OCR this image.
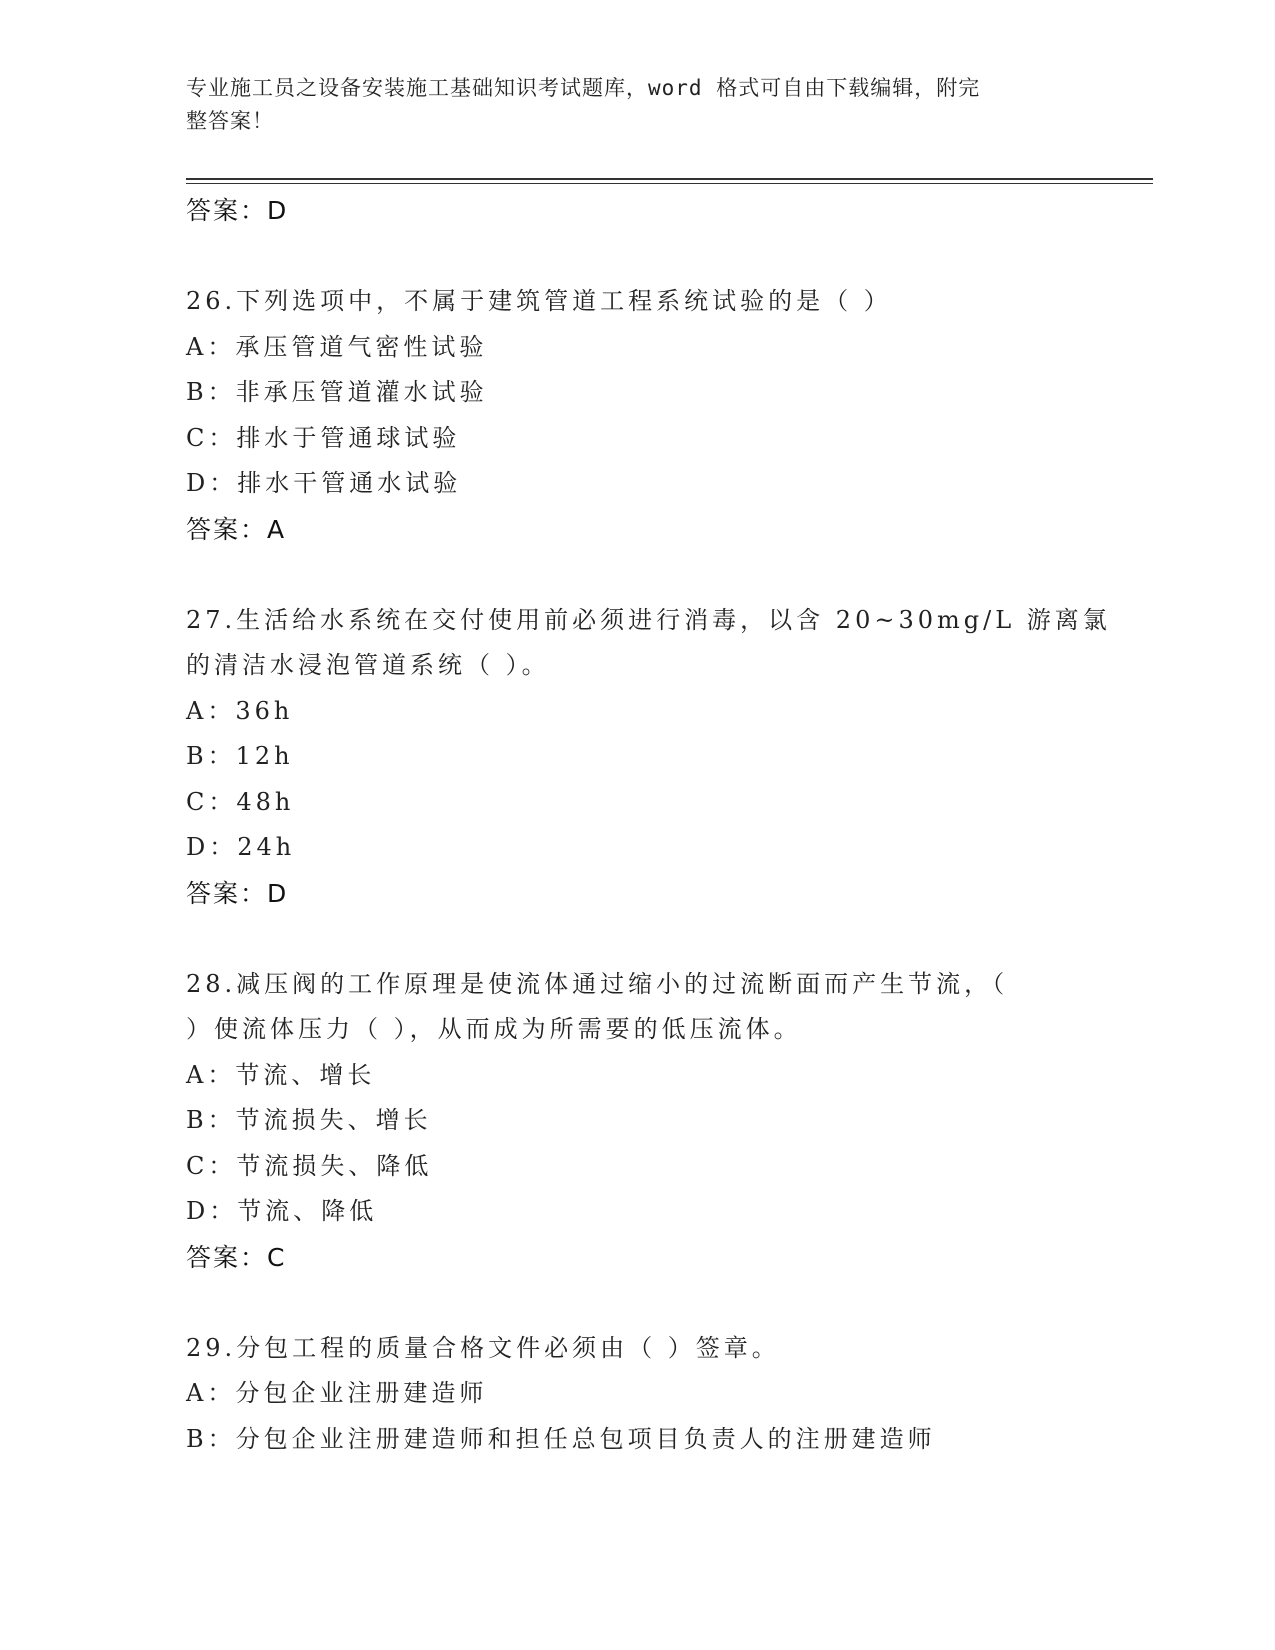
专业施工员之设备安装施工基础知识考试题库，word 格式可自由下载编辑，附完
整答案！
答案：D
26.下列选项中，不属于建筑管道工程系统试验的是（ ）
A：承压管道气密性试验
B：非承压管道灌水试验
C：排水于管通球试验
D：排水干管通水试验
答案：A
27.生活给水系统在交付使用前必须进行消毒，以含 20~30mg/L 游离氯
的清洁水浸泡管道系统（ ）。
A：36h
B：12h
C：48h
D：24h
答案：D
28.减压阀的工作原理是使流体通过缩小的过流断面而产生节流，（
）使流体压力（ ），从而成为所需要的低压流体。
A：节流、增长
B：节流损失、增长
C：节流损失、降低
D：节流、降低
答案：C
29.分包工程的质量合格文件必须由（ ）签章。
A：分包企业注册建造师
B：分包企业注册建造师和担任总包项目负责人的注册建造师
